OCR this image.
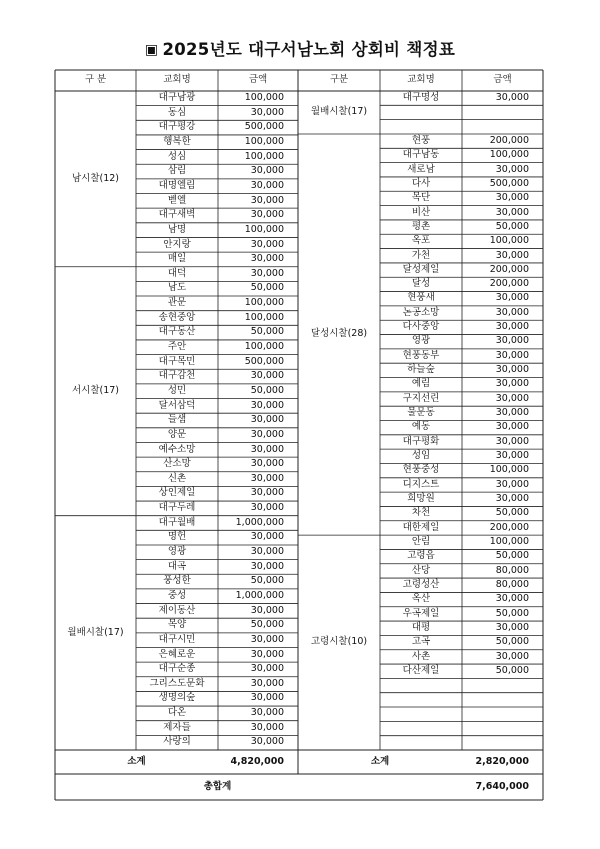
▣ 2025년도 대구서남노회 상회비 책정표
구 분	교회명	금액	구분	교회명	금액
남시찰(12)
대구남광	100,000
동심	30,000
대구평강	500,000
행복한	100,000
성심	100,000
삼림	30,000
대명엘림	30,000
벧엘	30,000
대구새벽	30,000
남명	100,000
안지랑	30,000
매일	30,000
서시찰(17)
대덕	30,000
남도	50,000
관문	100,000
송현중앙	100,000
대구동산	50,000
주안	100,000
대구목민	500,000
대구감천	30,000
성민	50,000
달서삼덕	30,000
들샘	30,000
양문	30,000
예수소망	30,000
산소망	30,000
신촌	30,000
상인제일	30,000
대구두레	30,000
월배시찰(17)
대구월배	1,000,000
명헌	30,000
영광	30,000
대곡	30,000
풍성한	50,000
중성	1,000,000
제이동산	30,000
목양	50,000
대구시민	30,000
은혜로운	30,000
대구순종	30,000
그리스도문화	30,000
생명의숲	30,000
다온	30,000
제자들	30,000
사랑의	30,000
월배시찰(17)
대구명성	30,000
달성시찰(28)
현풍	200,000
대구남동	100,000
새로남	30,000
다사	500,000
목단	30,000
비산	30,000
평촌	50,000
옥포	100,000
가천	30,000
달성제일	200,000
달성	200,000
현풍새	30,000
논공소망	30,000
다사중앙	30,000
영광	30,000
현풍동부	30,000
하늘숲	30,000
예림	30,000
구지선린	30,000
물문동	30,000
예동	30,000
대구평화	30,000
성임	30,000
현풍중성	100,000
디지스트	30,000
희망원	30,000
차천	50,000
대한제일	200,000
고령시찰(10)
안림	100,000
고령읍	50,000
산당	80,000
고령성산	80,000
옥산	30,000
우곡제일	50,000
대평	30,000
고곡	50,000
사촌	30,000
다산제일	50,000
소계	4,820,000	소계	2,820,000
총합계	7,640,000
